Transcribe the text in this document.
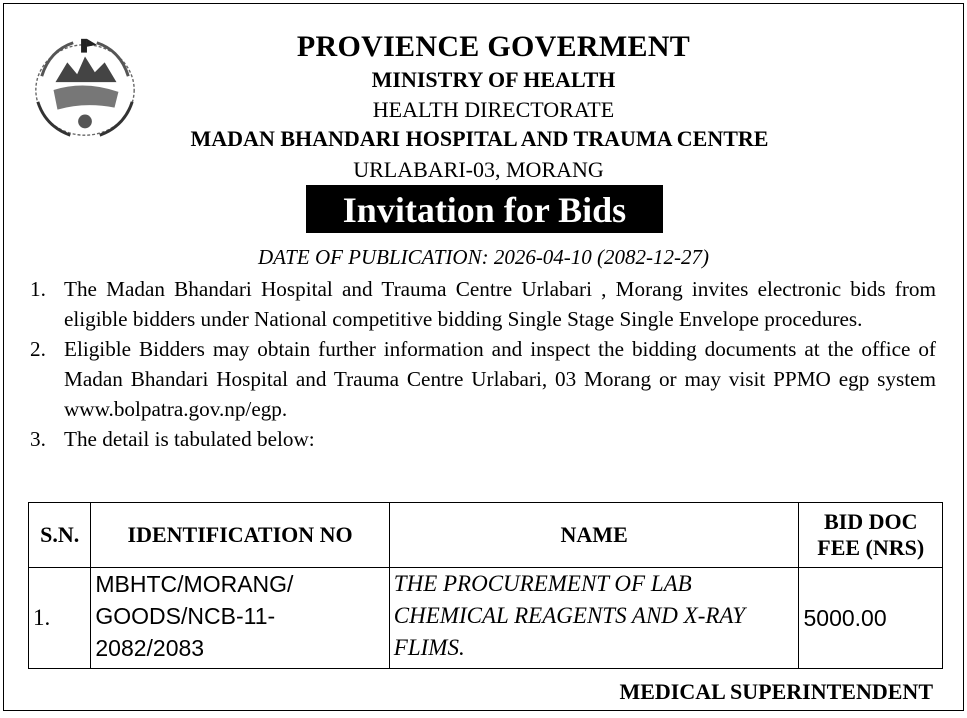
PROVIENCE GOVERMENT
MINISTRY OF HEALTH
HEALTH DIRECTORATE
MADAN BHANDARI HOSPITAL AND TRAUMA CENTRE
URLABARI-03, MORANG
Invitation for Bids
DATE OF PUBLICATION: 2026-04-10 (2082-12-27)
1. The Madan Bhandari Hospital and Trauma Centre Urlabari , Morang invites electronic bids from eligible bidders under National competitive bidding Single Stage Single Envelope procedures.
2. Eligible Bidders may obtain further information and inspect the bidding documents at the office of Madan Bhandari Hospital and Trauma Centre Urlabari, 03 Morang or may visit PPMO egp system www.bolpatra.gov.np/egp.
3. The detail is tabulated below:
S.N.	IDENTIFICATION NO	NAME	BID DOC FEE (NRS)
1.	MBHTC/MORANG/ GOODS/NCB-11- 2082/2083	THE PROCUREMENT OF LAB CHEMICAL REAGENTS AND X-RAY FLIMS.	5000.00
MEDICAL SUPERINTENDENT
